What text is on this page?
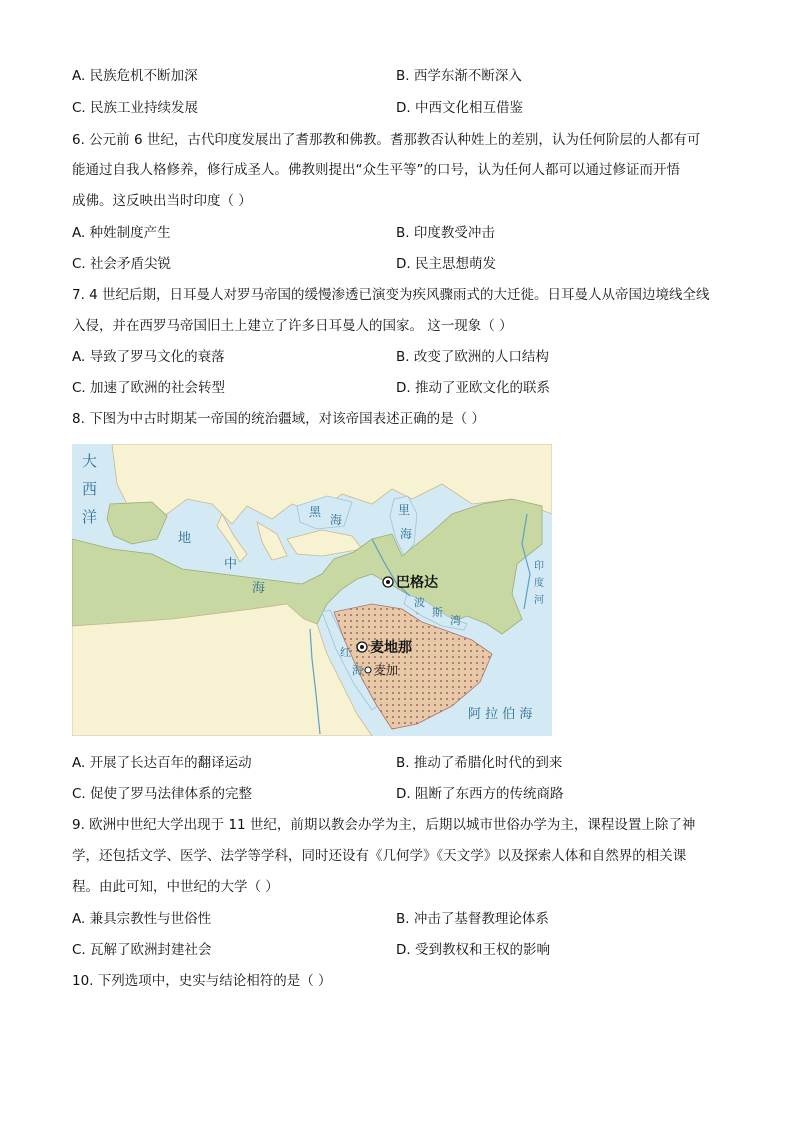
A. 民族危机不断加深	B. 西学东渐不断深入
C. 民族工业持续发展	D. 中西文化相互借鉴
6. 公元前 6 世纪，古代印度发展出了耆那教和佛教。耆那教否认种姓上的差别，认为任何阶层的人都有可
能通过自我人格修养，修行成圣人。佛教则提出“众生平等”的口号，认为任何人都可以通过修证而开悟
成佛。这反映出当时印度（ ）
A. 种姓制度产生	B. 印度教受冲击
C. 社会矛盾尖锐	D. 民主思想萌发
7. 4 世纪后期，日耳曼人对罗马帝国的缓慢渗透已演变为疾风骤雨式的大迁徙。日耳曼人从帝国边境线全线
入侵，并在西罗马帝国旧土上建立了许多日耳曼人的国家。 这一现象（ ）
A. 导致了罗马文化的衰落	B. 改变了欧洲的人口结构
C. 加速了欧洲的社会转型	D. 推动了亚欧文化的联系
8. 下图为中古时期某一帝国的统治疆域，对该帝国表述正确的是（ ）
大
西
洋
地
中
海
黑
海
里
海
印
度
河
波
斯
湾
红
海
阿 拉 伯 海
巴格达
麦地那
麦加
A. 开展了长达百年的翻译运动	B. 推动了希腊化时代的到来
C. 促使了罗马法律体系的完整	D. 阻断了东西方的传统商路
9. 欧洲中世纪大学出现于 11 世纪，前期以教会办学为主，后期以城市世俗办学为主，课程设置上除了神
学，还包括文学、医学、法学等学科，同时还设有《几何学》《天文学》以及探索人体和自然界的相关课
程。由此可知，中世纪的大学（ ）
A. 兼具宗教性与世俗性	B. 冲击了基督教理论体系
C. 瓦解了欧洲封建社会	D. 受到教权和王权的影响
10. 下列选项中，史实与结论相符的是（ ）
